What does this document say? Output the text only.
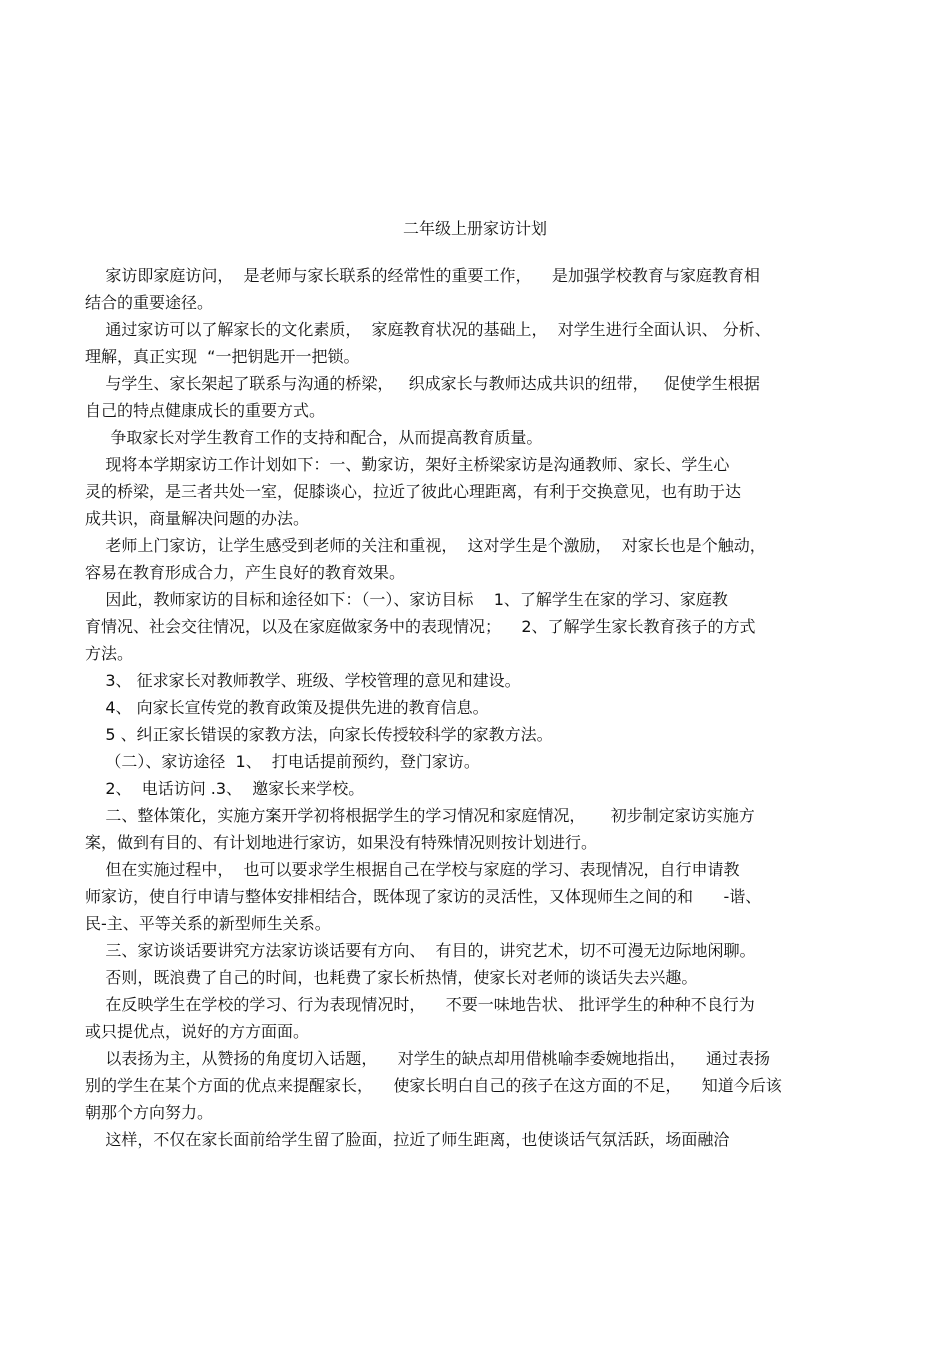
二年级上册家访计划
家访即家庭访问，  是老师与家长联系的经常性的重要工作，    是加强学校教育与家庭教育相
结合的重要途径。
通过家访可以了解家长的文化素质，  家庭教育状况的基础上，  对学生进行全面认识、 分析、
理解，真正实现  “一把钥匙开一把锁。
与学生、家长架起了联系与沟通的桥梁，   织成家长与教师达成共识的纽带，   促使学生根据
自己的特点健康成长的重要方式。
争取家长对学生教育工作的支持和配合，从而提高教育质量。
现将本学期家访工作计划如下：一、勤家访，架好主桥梁家访是沟通教师、家长、学生心
灵的桥梁，是三者共处一室，促膝谈心，拉近了彼此心理距离，有利于交换意见，也有助于达
成共识，商量解决问题的办法。
老师上门家访，让学生感受到老师的关注和重视，  这对学生是个激励，  对家长也是个触动，
容易在教育形成合力，产生良好的教育效果。
因此，教师家访的目标和途径如下：（一）、家访目标    1、了解学生在家的学习、家庭教
育情况、社会交往情况，以及在家庭做家务中的表现情况；    2、了解学生家长教育孩子的方式
方法。
3、 征求家长对教师教学、班级、学校管理的意见和建设。
4、 向家长宣传党的教育政策及提供先进的教育信息。
5 、纠正家长错误的家教方法，向家长传授较科学的家教方法。
（二）、家访途径  1、  打电话提前预约，登门家访。
2、  电话访问 .3、  邀家长来学校。
二、整体策化，实施方案开学初将根据学生的学习情况和家庭情况，     初步制定家访实施方
案，做到有目的、有计划地进行家访，如果没有特殊情况则按计划进行。
但在实施过程中，  也可以要求学生根据自己在学校与家庭的学习、表现情况，自行申请教
师家访，使自行申请与整体安排相结合，既体现了家访的灵活性，又体现师生之间的和      -谐、
民-主、平等关系的新型师生关系。
三、家访谈话要讲究方法家访谈话要有方向、  有目的，讲究艺术，切不可漫无边际地闲聊。
否则，既浪费了自己的时间，也耗费了家长析热情，使家长对老师的谈话失去兴趣。
在反映学生在学校的学习、行为表现情况时，    不要一味地告状、 批评学生的种种不良行为
或只提优点，说好的方方面面。
以表扬为主，从赞扬的角度切入话题，    对学生的缺点却用借桃喻李委婉地指出，    通过表扬
别的学生在某个方面的优点来提醒家长，    使家长明白自己的孩子在这方面的不足，    知道今后该
朝那个方向努力。
这样，不仅在家长面前给学生留了脸面，拉近了师生距离，也使谈话气氛活跃，场面融洽
